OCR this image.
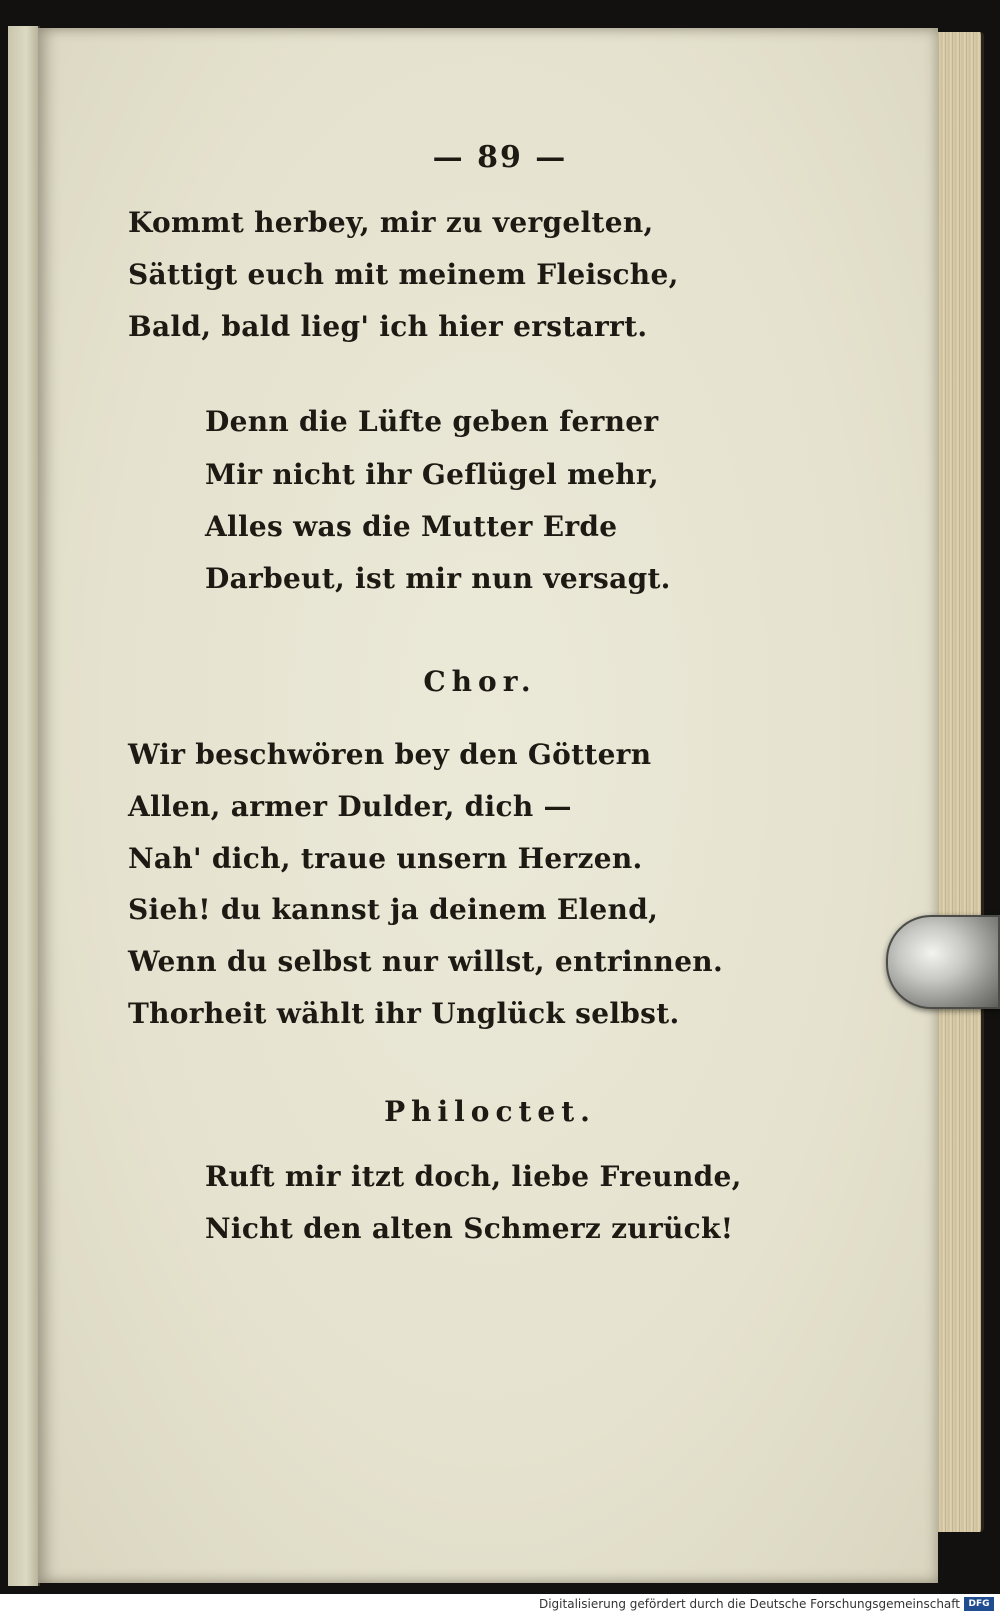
— 89 —
Kommt herbey, mir zu vergelten,
Sättigt euch mit meinem Fleische,
Bald, bald lieg' ich hier erstarrt.
Denn die Lüfte geben ferner
Mir nicht ihr Geflügel mehr,
Alles was die Mutter Erde
Darbeut, ist mir nun versagt.
Chor.
Wir beschwören bey den Göttern
Allen, armer Dulder, dich —
Nah' dich, traue unsern Herzen.
Sieh! du kannst ja deinem Elend,
Wenn du selbst nur willst, entrinnen.
Thorheit wählt ihr Unglück selbst.
Philoctet.
Ruft mir itzt doch, liebe Freunde,
Nicht den alten Schmerz zurück!
Digitalisierung gefördert durch die Deutsche Forschungsgemeinschaft DFG
